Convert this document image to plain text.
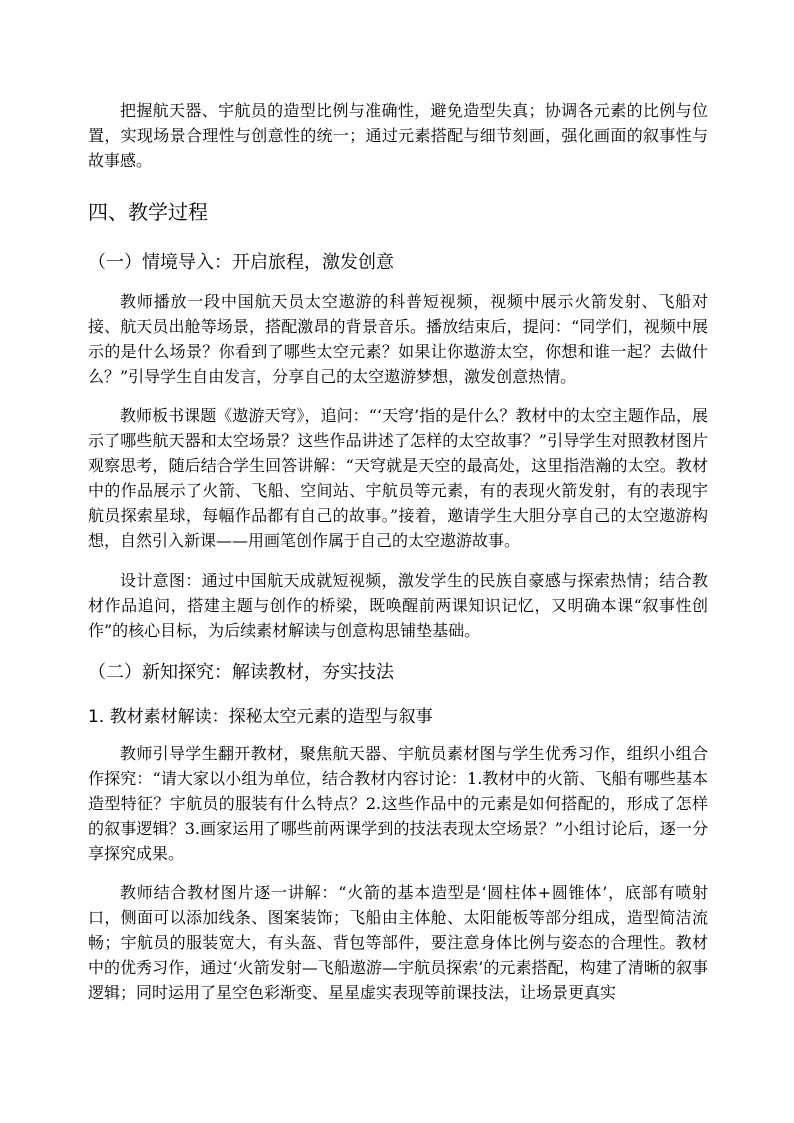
把握航天器、宇航员的造型比例与准确性，避免造型失真；协调各元素的比例与位置，实现场景合理性与创意性的统一；通过元素搭配与细节刻画，强化画面的叙事性与故事感。

四、教学过程
（一）情境导入：开启旅程，激发创意

教师播放一段中国航天员太空遨游的科普短视频，视频中展示火箭发射、飞船对接、航天员出舱等场景，搭配激昂的背景音乐。播放结束后，提问：“同学们，视频中展示的是什么场景？你看到了哪些太空元素？如果让你遨游太空，你想和谁一起？去做什么？”引导学生自由发言，分享自己的太空遨游梦想，激发创意热情。

教师板书课题《遨游天穹》，追问：“‘天穹’指的是什么？教材中的太空主题作品，展示了哪些航天器和太空场景？这些作品讲述了怎样的太空故事？”引导学生对照教材图片观察思考，随后结合学生回答讲解：“天穹就是天空的最高处，这里指浩瀚的太空。教材中的作品展示了火箭、飞船、空间站、宇航员等元素，有的表现火箭发射，有的表现宇航员探索星球，每幅作品都有自己的故事。”接着，邀请学生大胆分享自己的太空遨游构想，自然引入新课——用画笔创作属于自己的太空遨游故事。

设计意图：通过中国航天成就短视频，激发学生的民族自豪感与探索热情；结合教材作品追问，搭建主题与创作的桥梁，既唤醒前两课知识记忆，又明确本课“叙事性创作”的核心目标，为后续素材解读与创意构思铺垫基础。

（二）新知探究：解读教材，夯实技法
1. 教材素材解读：探秘太空元素的造型与叙事

教师引导学生翻开教材，聚焦航天器、宇航员素材图与学生优秀习作，组织小组合作探究：“请大家以小组为单位，结合教材内容讨论：1.教材中的火箭、飞船有哪些基本造型特征？宇航员的服装有什么特点？2.这些作品中的元素是如何搭配的，形成了怎样的叙事逻辑？3.画家运用了哪些前两课学到的技法表现太空场景？”小组讨论后，逐一分享探究成果。

教师结合教材图片逐一讲解：“火箭的基本造型是‘圆柱体+圆锥体’，底部有喷射口，侧面可以添加线条、图案装饰；飞船由主体舱、太阳能板等部分组成，造型简洁流畅；宇航员的服装宽大，有头盔、背包等部件，要注意身体比例与姿态的合理性。教材中的优秀习作，通过‘火箭发射—飞船遨游—宇航员探索’的元素搭配，构建了清晰的叙事逻辑；同时运用了星空色彩渐变、星星虚实表现等前课技法，让场景更真实
